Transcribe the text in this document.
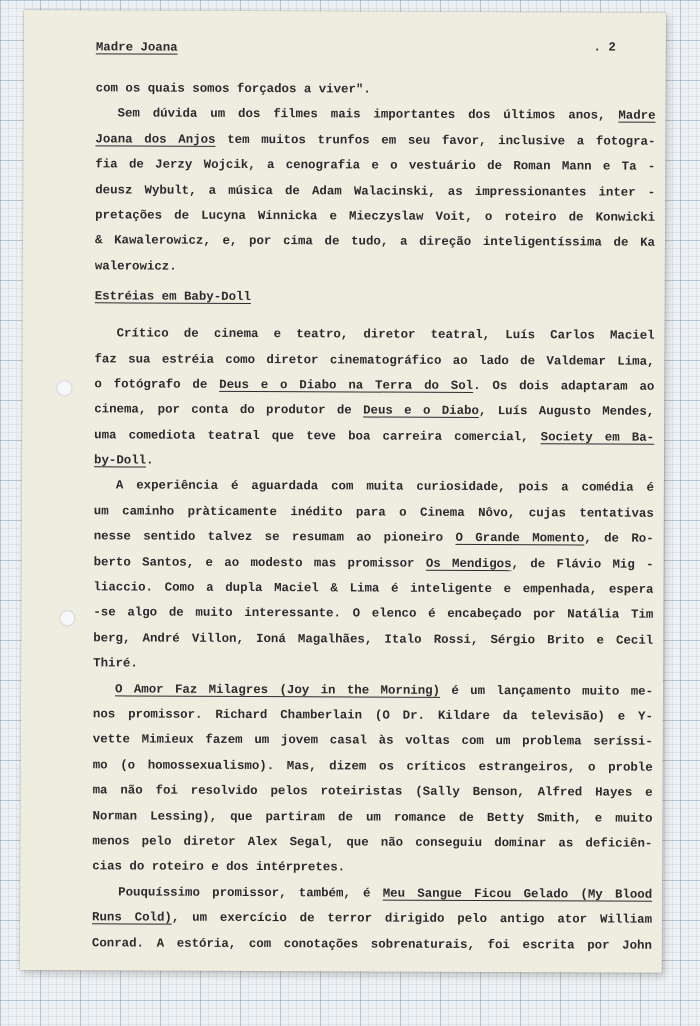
Madre Joana	. 2
com os quais somos forçados a viver".
Sem dúvida um dos filmes mais importantes dos últimos anos, Madre
Joana dos Anjos tem muitos trunfos em seu favor, inclusive a fotogra-
fia de Jerzy Wojcik, a cenografia e o vestuário de Roman Mann e Ta -
deusz Wybult, a música de Adam Walacinski, as impressionantes inter -
pretações de Lucyna Winnicka e Mieczyslaw Voit, o roteiro de Konwicki
& Kawalerowicz, e, por cima de tudo, a direção inteligentíssima de Ka
walerowicz.
Estréias em Baby-Doll
Crítico de cinema e teatro, diretor teatral, Luís Carlos Maciel
faz sua estréia como diretor cinematográfico ao lado de Valdemar Lima,
o fotógrafo de Deus e o Diabo na Terra do Sol. Os dois adaptaram ao
cinema, por conta do produtor de Deus e o Diabo, Luís Augusto Mendes,
uma comediota teatral que teve boa carreira comercial, Society em Ba-
by-Doll.
A experiência é aguardada com muita curiosidade, pois a comédia é
um caminho pràticamente inédito para o Cinema Nôvo, cujas tentativas
nesse sentido talvez se resumam ao pioneiro O Grande Momento, de Ro-
berto Santos, e ao modesto mas promissor Os Mendigos, de Flávio Mig -
liaccio. Como a dupla Maciel & Lima é inteligente e empenhada, espera
-se algo de muito interessante. O elenco é encabeçado por Natália Tim
berg, André Villon, Ioná Magalhães, Italo Rossi, Sérgio Brito e Cecil
Thiré.
O Amor Faz Milagres (Joy in the Morning) é um lançamento muito me-
nos promissor. Richard Chamberlain (O Dr. Kildare da televisão) e Y-
vette Mimieux fazem um jovem casal às voltas com um problema seríssi-
mo (o homossexualismo). Mas, dizem os críticos estrangeiros, o proble
ma não foi resolvido pelos roteiristas (Sally Benson, Alfred Hayes e
Norman Lessing), que partiram de um romance de Betty Smith, e muito
menos pelo diretor Alex Segal, que não conseguiu dominar as deficiên-
cias do roteiro e dos intérpretes.
Pouquíssimo promissor, também, é Meu Sangue Ficou Gelado (My Blood
Runs Cold), um exercício de terror dirigido pelo antigo ator William
Conrad. A estória, com conotações sobrenaturais, foi escrita por John
